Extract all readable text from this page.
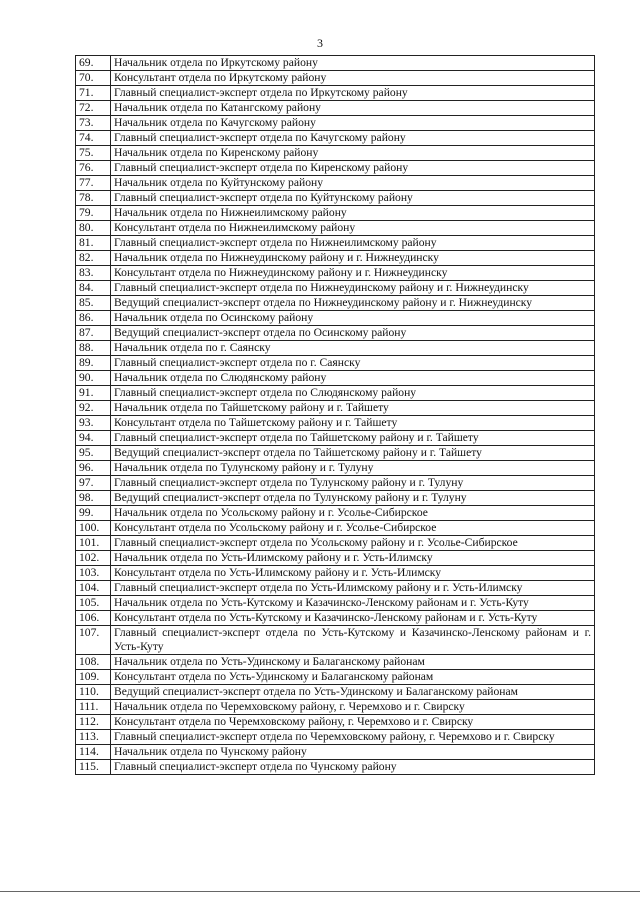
3
69.	Начальник отдела по Иркутскому району
70.	Консультант отдела по Иркутскому району
71.	Главный специалист-эксперт отдела по Иркутскому району
72.	Начальник отдела по Катангскому району
73.	Начальник отдела по Качугскому району
74.	Главный специалист-эксперт отдела по Качугскому району
75.	Начальник отдела по Киренскому району
76.	Главный специалист-эксперт отдела по Киренскому району
77.	Начальник отдела по Куйтунскому району
78.	Главный специалист-эксперт отдела по Куйтунскому району
79.	Начальник отдела по Нижнеилимскому району
80.	Консультант отдела по Нижнеилимскому району
81.	Главный специалист-эксперт отдела по Нижнеилимскому району
82.	Начальник отдела по Нижнеудинскому району и г. Нижнеудинску
83.	Консультант отдела по Нижнеудинскому району и г. Нижнеудинску
84.	Главный специалист-эксперт отдела по Нижнеудинскому району и г. Нижнеудинску
85.	Ведущий специалист-эксперт отдела по Нижнеудинскому району и г. Нижнеудинску
86.	Начальник отдела по Осинскому району
87.	Ведущий специалист-эксперт отдела по Осинскому району
88.	Начальник отдела по г. Саянску
89.	Главный специалист-эксперт отдела по г. Саянску
90.	Начальник отдела по Слюдянскому району
91.	Главный специалист-эксперт отдела по Слюдянскому району
92.	Начальник отдела по Тайшетскому району и г. Тайшету
93.	Консультант отдела по Тайшетскому району и г. Тайшету
94.	Главный специалист-эксперт отдела по Тайшетскому району и г. Тайшету
95.	Ведущий специалист-эксперт отдела по Тайшетскому району и г. Тайшету
96.	Начальник отдела по Тулунскому району и г. Тулуну
97.	Главный специалист-эксперт отдела по Тулунскому району и г. Тулуну
98.	Ведущий специалист-эксперт отдела по Тулунскому району и г. Тулуну
99.	Начальник отдела по Усольскому району и г. Усолье-Сибирское
100.	Консультант отдела по Усольскому району и г. Усолье-Сибирское
101.	Главный специалист-эксперт отдела по Усольскому району и г. Усолье-Сибирское
102.	Начальник отдела по Усть-Илимскому району и г. Усть-Илимску
103.	Консультант отдела по Усть-Илимскому району и г. Усть-Илимску
104.	Главный специалист-эксперт отдела по Усть-Илимскому району и г. Усть-Илимску
105.	Начальник отдела по Усть-Кутскому и Казачинско-Ленскому районам и г. Усть-Куту
106.	Консультант отдела по Усть-Кутскому и Казачинско-Ленскому районам и г. Усть-Куту
107.	Главный специалист-эксперт отдела по Усть-Кутскому и Казачинско-Ленскому районам и г. Усть-Куту
108.	Начальник отдела по Усть-Удинскому и Балаганскому районам
109.	Консультант отдела по Усть-Удинскому и Балаганскому районам
110.	Ведущий специалист-эксперт отдела по Усть-Удинскому и Балаганскому районам
111.	Начальник отдела по Черемховскому району, г. Черемхово и г. Свирску
112.	Консультант отдела по Черемховскому району, г. Черемхово и г. Свирску
113.	Главный специалист-эксперт отдела по Черемховскому району, г. Черемхово и г. Свирску
114.	Начальник отдела по Чунскому району
115.	Главный специалист-эксперт отдела по Чунскому району
